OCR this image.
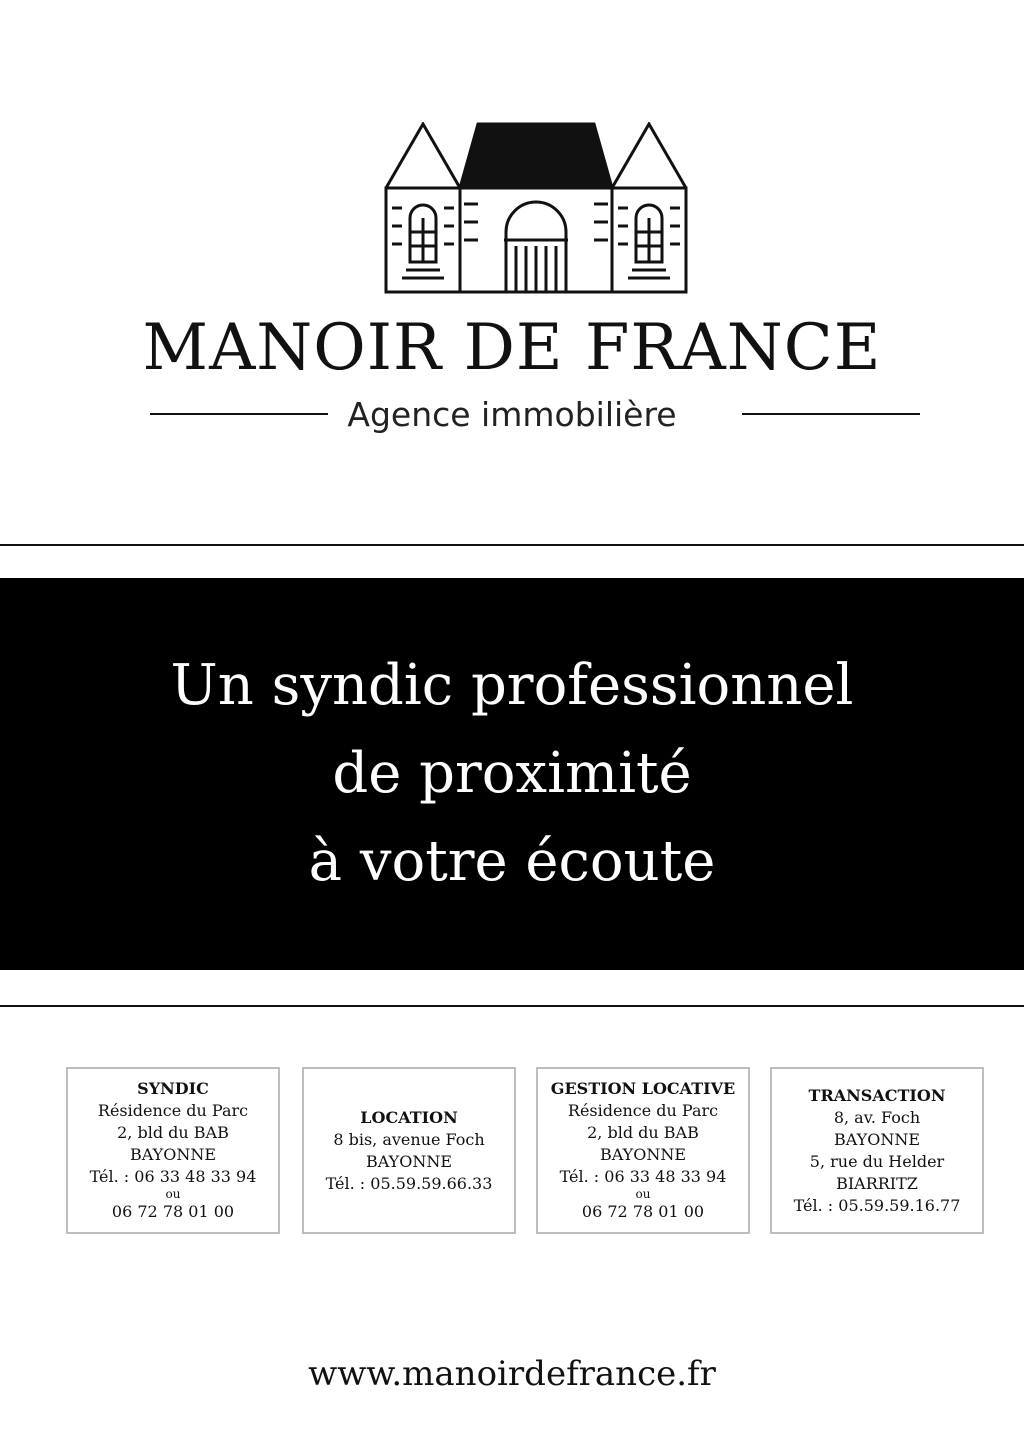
MANOIR DE FRANCE
Agence immobilière
Un syndic professionnel
de proximité
à votre écoute
SYNDIC
Résidence du Parc
2, bld du BAB
BAYONNE
Tél. : 06 33 48 33 94
ou
06 72 78 01 00
LOCATION
8 bis, avenue Foch
BAYONNE
Tél. : 05.59.59.66.33
GESTION LOCATIVE
Résidence du Parc
2, bld du BAB
BAYONNE
Tél. : 06 33 48 33 94
ou
06 72 78 01 00
TRANSACTION
8, av. Foch
BAYONNE
5, rue du Helder
BIARRITZ
Tél. : 05.59.59.16.77
www.manoirdefrance.fr
